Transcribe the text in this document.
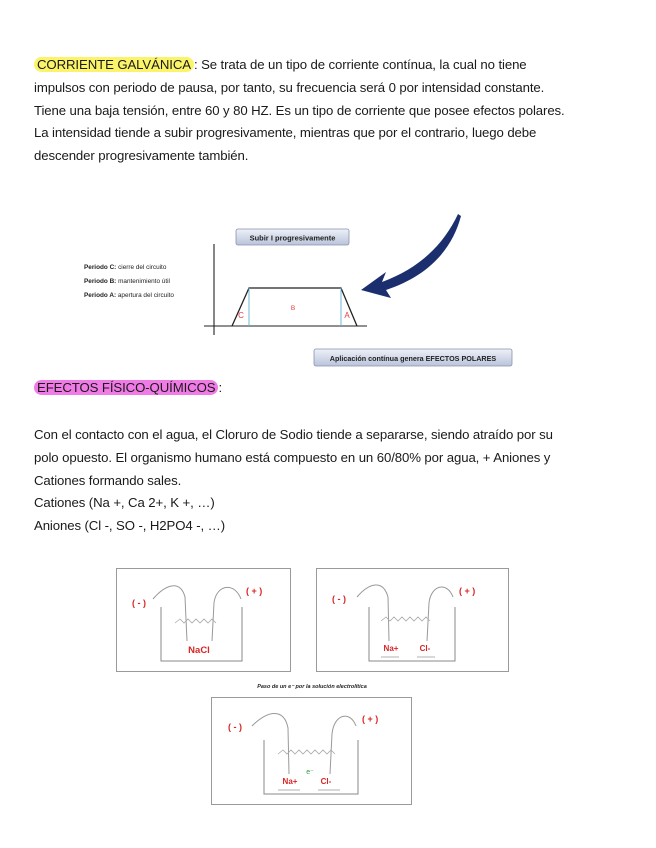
CORRIENTE GALVÁNICA : Se trata de un tipo de corriente contínua, la cual no tiene
impulsos con periodo de pausa, por tanto, su frecuencia será 0 por intensidad constante.
Tiene una baja tensión, entre 60 y 80 HZ. Es un tipo de corriente que posee efectos polares.
La intensidad tiende a subir progresivamente, mientras que por el contrario, luego debe
descender progresivamente también.
Subir I progresivamente
Periodo C: cierre del circuito
Periodo B: mantenimiento útil
Periodo A: apertura del circuito
C
B
A
Aplicación contínua genera EFECTOS POLARES
EFECTOS FÍSICO-QUÍMICOS :
Con el contacto con el agua, el Cloruro de Sodio tiende a separarse, siendo atraído por su
polo opuesto. El organismo humano está compuesto en un 60/80% por agua, + Aniones y
Cationes formando sales.
Cationes (Na +, Ca 2+, K +, …)
Aniones (Cl -, SO -, H2PO4 -, …)
( - )
( + )
NaCl
( - )
( + )
Na+	Cl-
Paso de un e⁻ por la solución electrolítica
( - )
( + )
e⁻
Na+	Cl-
